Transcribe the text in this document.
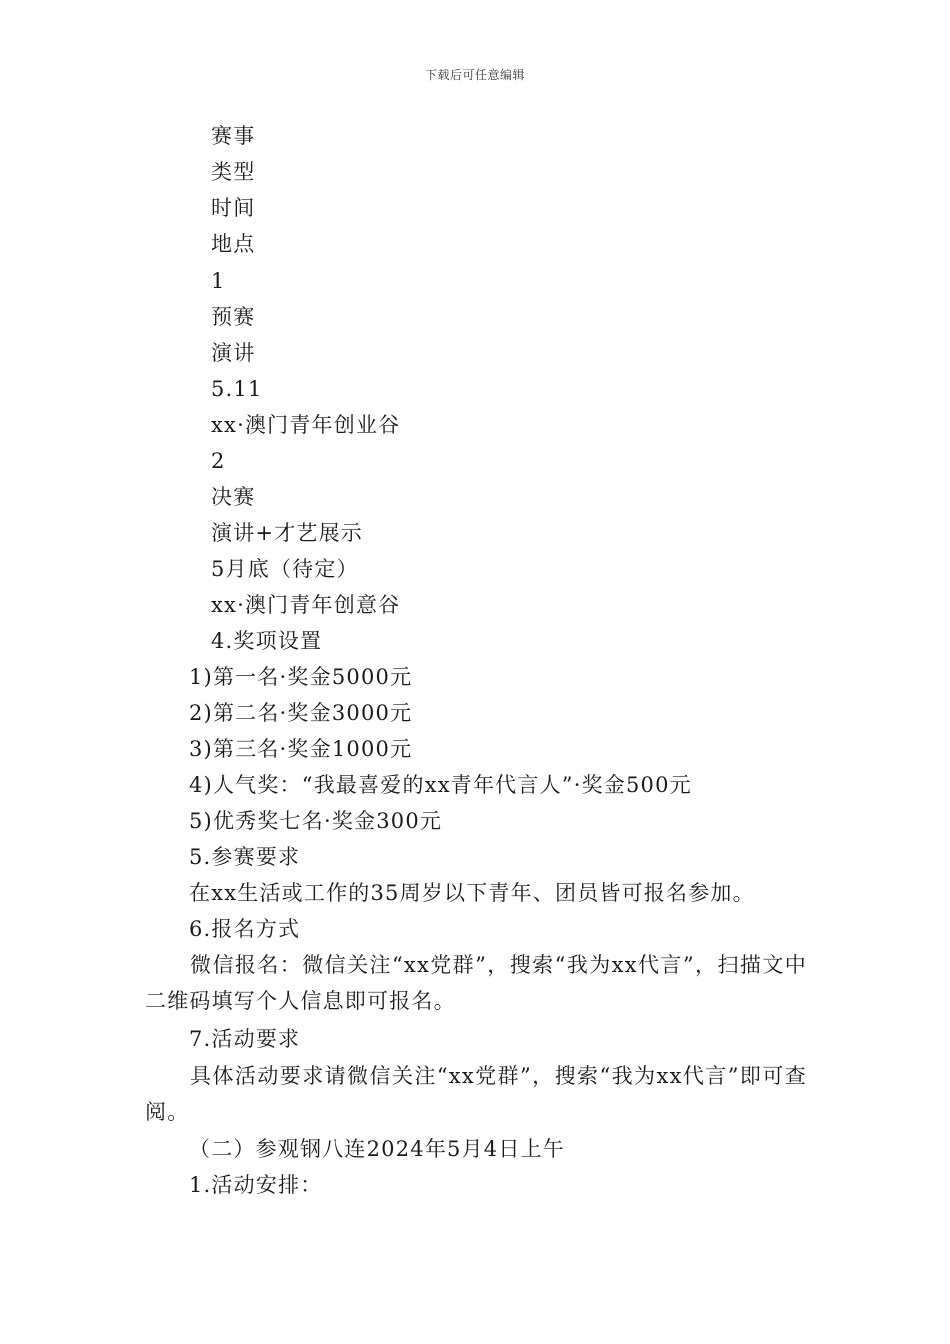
下载后可任意编辑
赛事
类型
时间
地点
1
预赛
演讲
5.11
xx·澳门青年创业谷
2
决赛
演讲+才艺展示
5月底（待定）
xx·澳门青年创意谷
4.奖项设置
1)第一名·奖金5000元
2)第二名·奖金3000元
3)第三名·奖金1000元
4)人气奖：“我最喜爱的xx青年代言人”·奖金500元
5)优秀奖七名·奖金300元
5.参赛要求
在xx生活或工作的35周岁以下青年、团员皆可报名参加。
6.报名方式
微信报名：微信关注“xx党群”，搜索“我为xx代言”，扫描文中二维码填写个人信息即可报名。
7.活动要求
具体活动要求请微信关注“xx党群”，搜索“我为xx代言”即可查阅。
（二）参观钢八连2024年5月4日上午
1.活动安排：
